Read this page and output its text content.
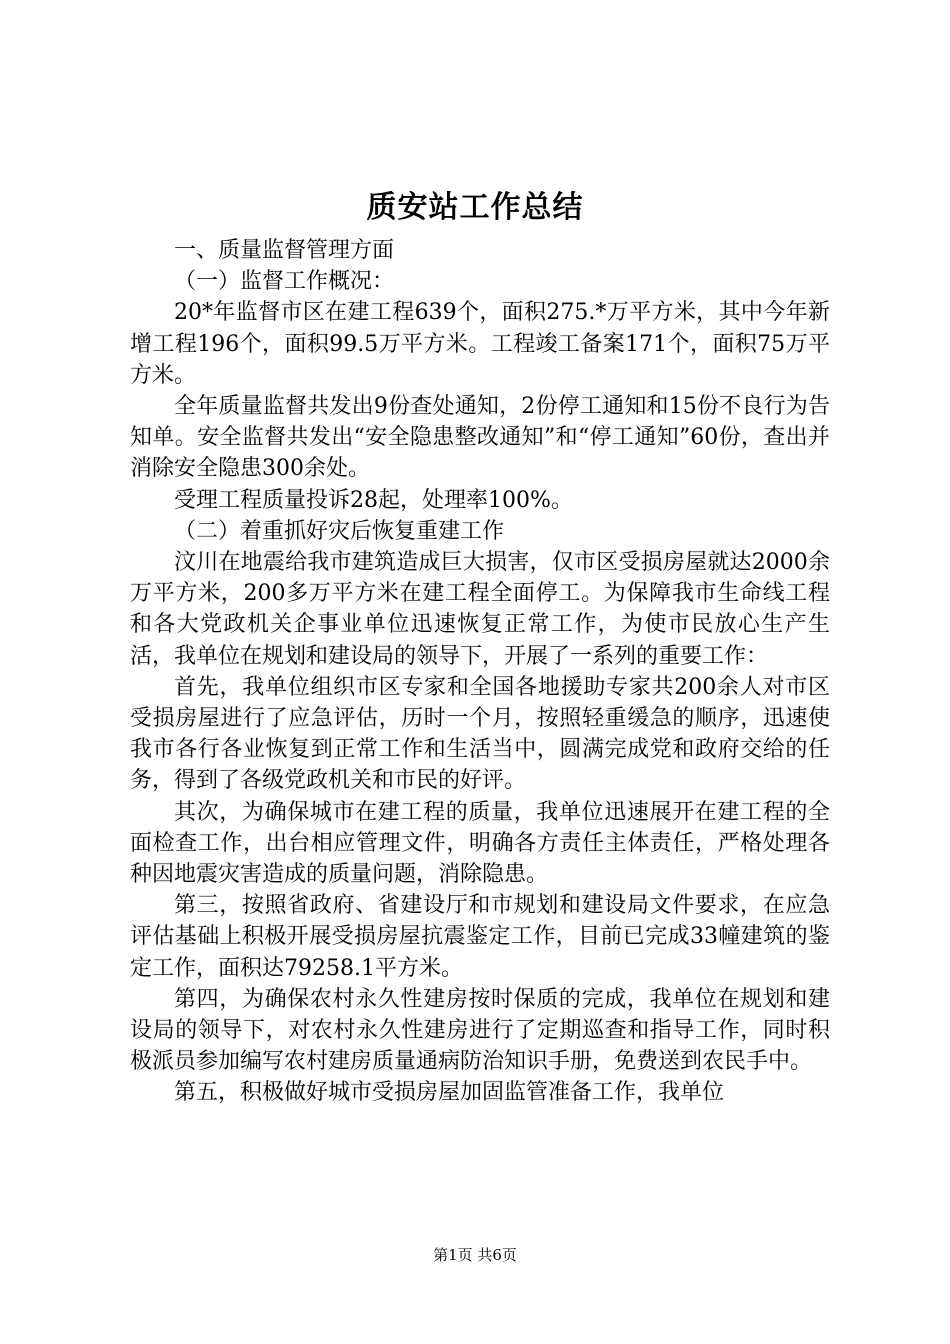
质安站工作总结

一、质量监督管理方面

（一）监督工作概况：

20*年监督市区在建工程639个，面积275.*万平方米，其中今年新增工程196个，面积99.5万平方米。工程竣工备案171个，面积75万平方米。

全年质量监督共发出9份查处通知，2份停工通知和15份不良行为告知单。安全监督共发出“安全隐患整改通知”和“停工通知”60份，查出并消除安全隐患300余处。

受理工程质量投诉28起，处理率100%。

（二）着重抓好灾后恢复重建工作

汶川在地震给我市建筑造成巨大损害，仅市区受损房屋就达2000余万平方米，200多万平方米在建工程全面停工。为保障我市生命线工程和各大党政机关企事业单位迅速恢复正常工作，为使市民放心生产生活，我单位在规划和建设局的领导下，开展了一系列的重要工作：

首先，我单位组织市区专家和全国各地援助专家共200余人对市区受损房屋进行了应急评估，历时一个月，按照轻重缓急的顺序，迅速使我市各行各业恢复到正常工作和生活当中，圆满完成党和政府交给的任务，得到了各级党政机关和市民的好评。

其次，为确保城市在建工程的质量，我单位迅速展开在建工程的全面检查工作，出台相应管理文件，明确各方责任主体责任，严格处理各种因地震灾害造成的质量问题，消除隐患。

第三，按照省政府、省建设厅和市规划和建设局文件要求，在应急评估基础上积极开展受损房屋抗震鉴定工作，目前已完成33幢建筑的鉴定工作，面积达79258.1平方米。

第四，为确保农村永久性建房按时保质的完成，我单位在规划和建设局的领导下，对农村永久性建房进行了定期巡查和指导工作，同时积极派员参加编写农村建房质量通病防治知识手册，免费送到农民手中。

第五，积极做好城市受损房屋加固监管准备工作，我单位

第1页 共6页
